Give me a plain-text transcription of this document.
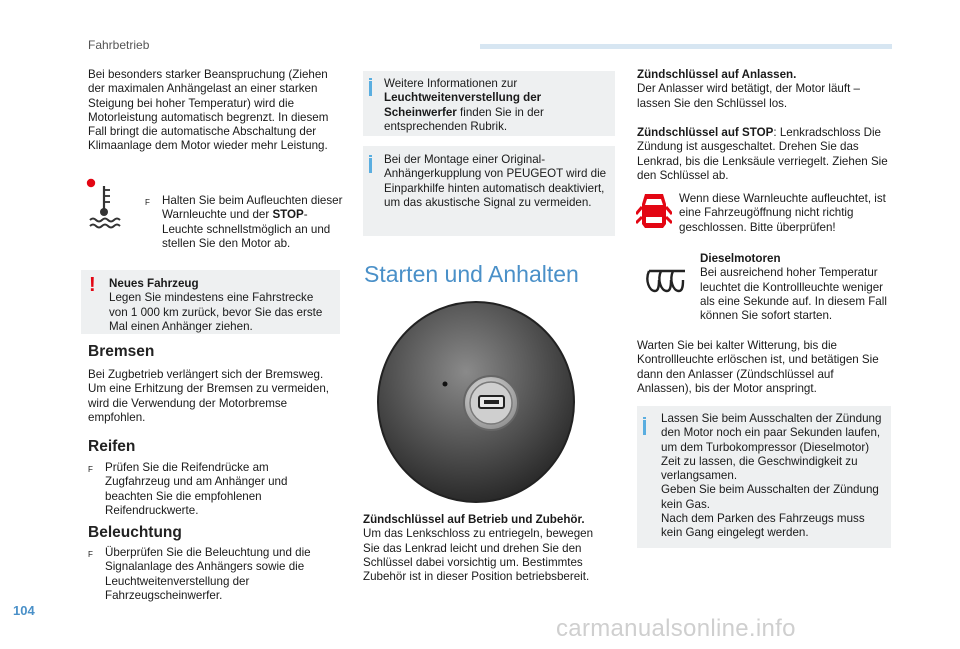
Fahrbetrieb
Bei besonders starker Beanspruchung (Ziehen der maximalen Anhängelast an einer starken Steigung bei hoher Temperatur) wird die Motorleistung automatisch begrenzt. In diesem Fall bringt die automatische Abschaltung der Klimaanlage dem Motor wieder mehr Leistung.
F	Halten Sie beim Aufleuchten dieser Warnleuchte und der STOP-Leuchte schnellstmöglich an und stellen Sie den Motor ab.
! Neues Fahrzeug
Legen Sie mindestens eine Fahrstrecke von 1 000 km zurück, bevor Sie das erste Mal einen Anhänger ziehen.
Bremsen
Bei Zugbetrieb verlängert sich der Bremsweg. Um eine Erhitzung der Bremsen zu vermeiden, wird die Verwendung der Motorbremse empfohlen.
Reifen
F	Prüfen Sie die Reifendrücke am Zugfahrzeug und am Anhänger und beachten Sie die empfohlenen Reifendruckwerte.
Beleuchtung
F	Überprüfen Sie die Beleuchtung und die Signalanlage des Anhängers sowie die Leuchtweitenverstellung der Fahrzeugscheinwerfer.
Weitere Informationen zur Leuchtweitenverstellung der Scheinwerfer finden Sie in der entsprechenden Rubrik.
Bei der Montage einer Original-Anhängerkupplung von PEUGEOT wird die Einparkhilfe hinten automatisch deaktiviert, um das akustische Signal zu vermeiden.
Starten und Anhalten
Zündschlüssel auf Betrieb und Zubehör.
Um das Lenkschloss zu entriegeln, bewegen Sie das Lenkrad leicht und drehen Sie den Schlüssel dabei vorsichtig um. Bestimmtes Zubehör ist in dieser Position betriebsbereit.
Zündschlüssel auf Anlassen.
Der Anlasser wird betätigt, der Motor läuft – lassen Sie den Schlüssel los.
Zündschlüssel auf STOP: Lenkradschloss Die Zündung ist ausgeschaltet. Drehen Sie das Lenkrad, bis die Lenksäule verriegelt. Ziehen Sie den Schlüssel ab.
Wenn diese Warnleuchte aufleuchtet, ist eine Fahrzeugöffnung nicht richtig geschlossen. Bitte überprüfen!
Dieselmotoren
Bei ausreichend hoher Temperatur leuchtet die Kontrollleuchte weniger als eine Sekunde auf. In diesem Fall können Sie sofort starten.
Warten Sie bei kalter Witterung, bis die Kontrollleuchte erlöschen ist, und betätigen Sie dann den Anlasser (Zündschlüssel auf Anlassen), bis der Motor anspringt.
Lassen Sie beim Ausschalten der Zündung den Motor noch ein paar Sekunden laufen, um dem Turbokompressor (Dieselmotor) Zeit zu lassen, die Geschwindigkeit zu verlangsamen.
Geben Sie beim Ausschalten der Zündung kein Gas.
Nach dem Parken des Fahrzeugs muss kein Gang eingelegt werden.
104
carmanualsonline.info
